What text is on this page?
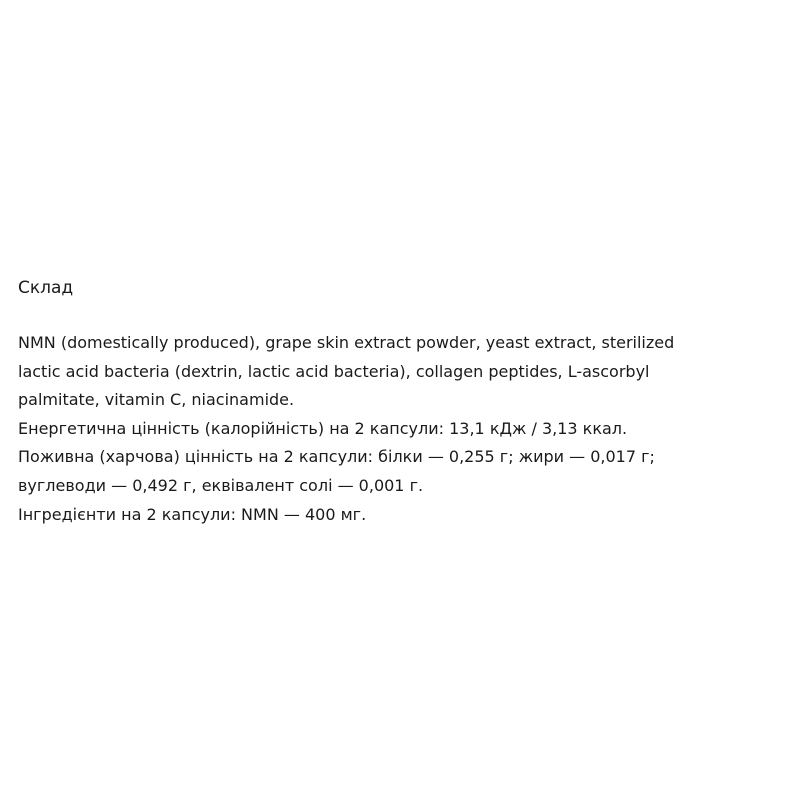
Склад

NMN (domestically produced), grape skin extract powder, yeast extract, sterilized
lactic acid bacteria (dextrin, lactic acid bacteria), collagen peptides, L-ascorbyl
palmitate, vitamin C, niacinamide.
Енергетична цінність (калорійність) на 2 капсули: 13,1 кДж / 3,13 ккал.
Поживна (харчова) цінність на 2 капсули: білки — 0,255 г; жири — 0,017 г;
вуглеводи — 0,492 г, еквівалент солі — 0,001 г.
Інгредієнти на 2 капсули: NMN — 400 мг.
